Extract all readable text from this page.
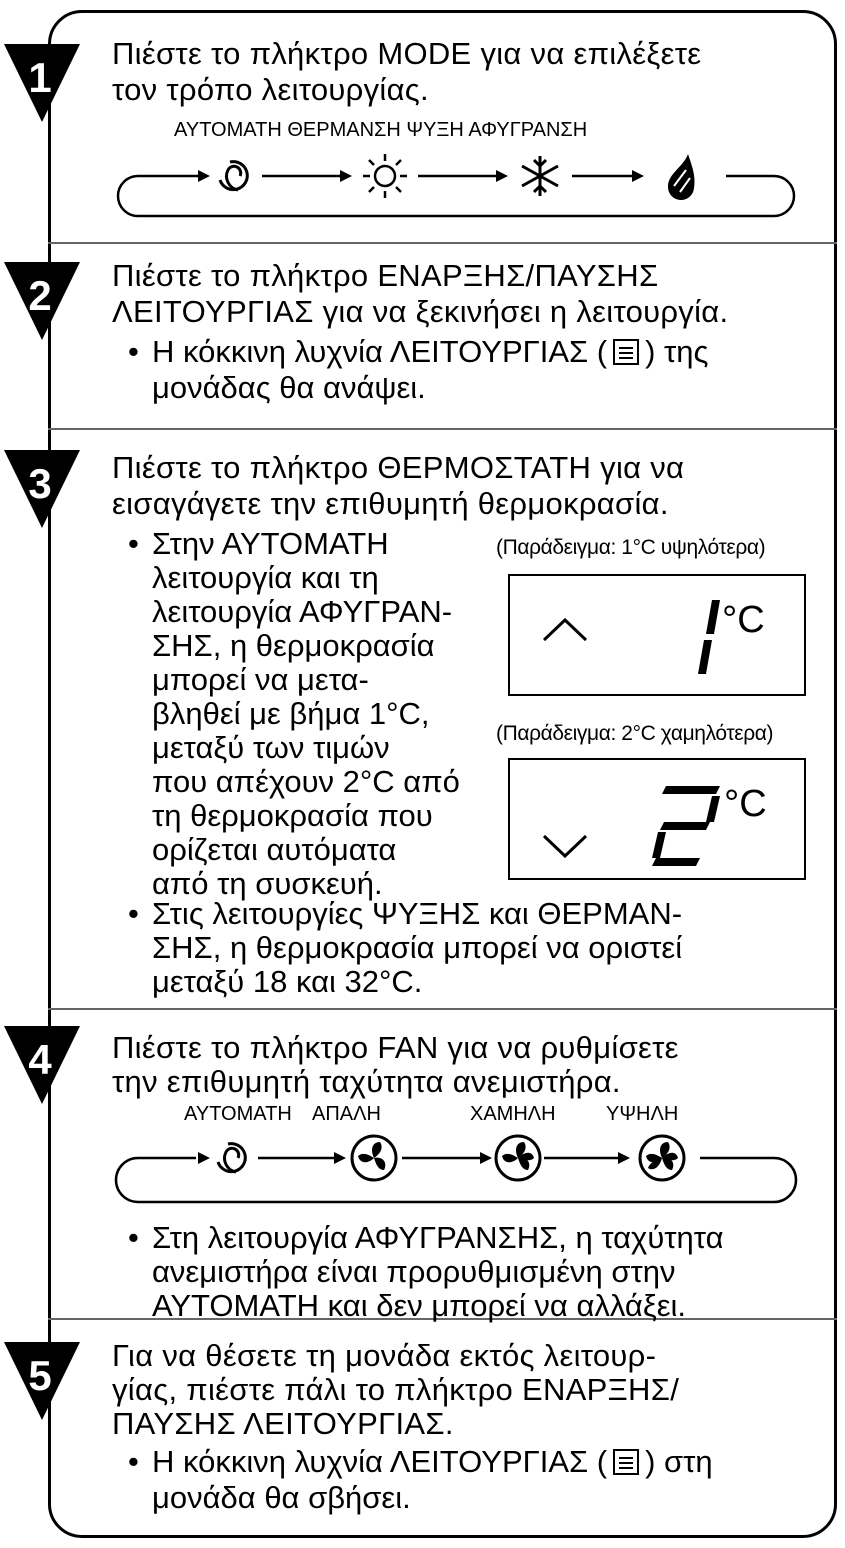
1
2
3
4
5
Πιέστε το πλήκτρο MODE για να επιλέξετε
τον τρόπο λειτουργίας.
ΑΥΤΟΜΑΤΗ ΘΕΡΜΑΝΣΗ ΨΥΞΗ ΑΦΥΓΡΑΝΣΗ
Πιέστε το πλήκτρο ΕΝΑΡΞΗΣ/ΠΑΥΣΗΣ
ΛΕΙΤΟΥΡΓΙΑΣ για να ξεκινήσει η λειτουργία.
• Η κόκκινη λυχνία ΛΕΙΤΟΥΡΓΙΑΣ ( ) της
μονάδας θα ανάψει.
Πιέστε το πλήκτρο ΘΕΡΜΟΣΤΑΤΗ για να
εισαγάγετε την επιθυμητή θερμοκρασία.
• Στην ΑΥΤΟΜΑΤΗ
λειτουργία και τη
λειτουργία ΑΦΥΓΡΑΝ-
ΣΗΣ, η θερμοκρασία
μπορεί να μετα-
βληθεί με βήμα 1°C,
μεταξύ των τιμών
που απέχουν 2°C από
τη θερμοκρασία που
ορίζεται αυτόματα
από τη συσκευή.
(Παράδειγμα: 1°C υψηλότερα)
°C
(Παράδειγμα: 2°C χαμηλότερα)
°C
• Στις λειτουργίες ΨΥΞΗΣ και ΘΕΡΜΑΝ-
ΣΗΣ, η θερμοκρασία μπορεί να οριστεί
μεταξύ 18 και 32°C.
Πιέστε το πλήκτρο FAN για να ρυθμίσετε
την επιθυμητή ταχύτητα ανεμιστήρα.
ΑΥΤΟΜΑΤΗ ΑΠΑΛΗ	ΧΑΜΗΛΗ	ΥΨΗΛΗ
• Στη λειτουργία ΑΦΥΓΡΑΝΣΗΣ, η ταχύτητα
ανεμιστήρα είναι προρυθμισμένη στην
ΑΥΤΟΜΑΤΗ και δεν μπορεί να αλλάξει.
Για να θέσετε τη μονάδα εκτός λειτουρ-
γίας, πιέστε πάλι το πλήκτρο ΕΝΑΡΞΗΣ/
ΠΑΥΣΗΣ ΛΕΙΤΟΥΡΓΙΑΣ.
• Η κόκκινη λυχνία ΛΕΙΤΟΥΡΓΙΑΣ ( ) στη
μονάδα θα σβήσει.
